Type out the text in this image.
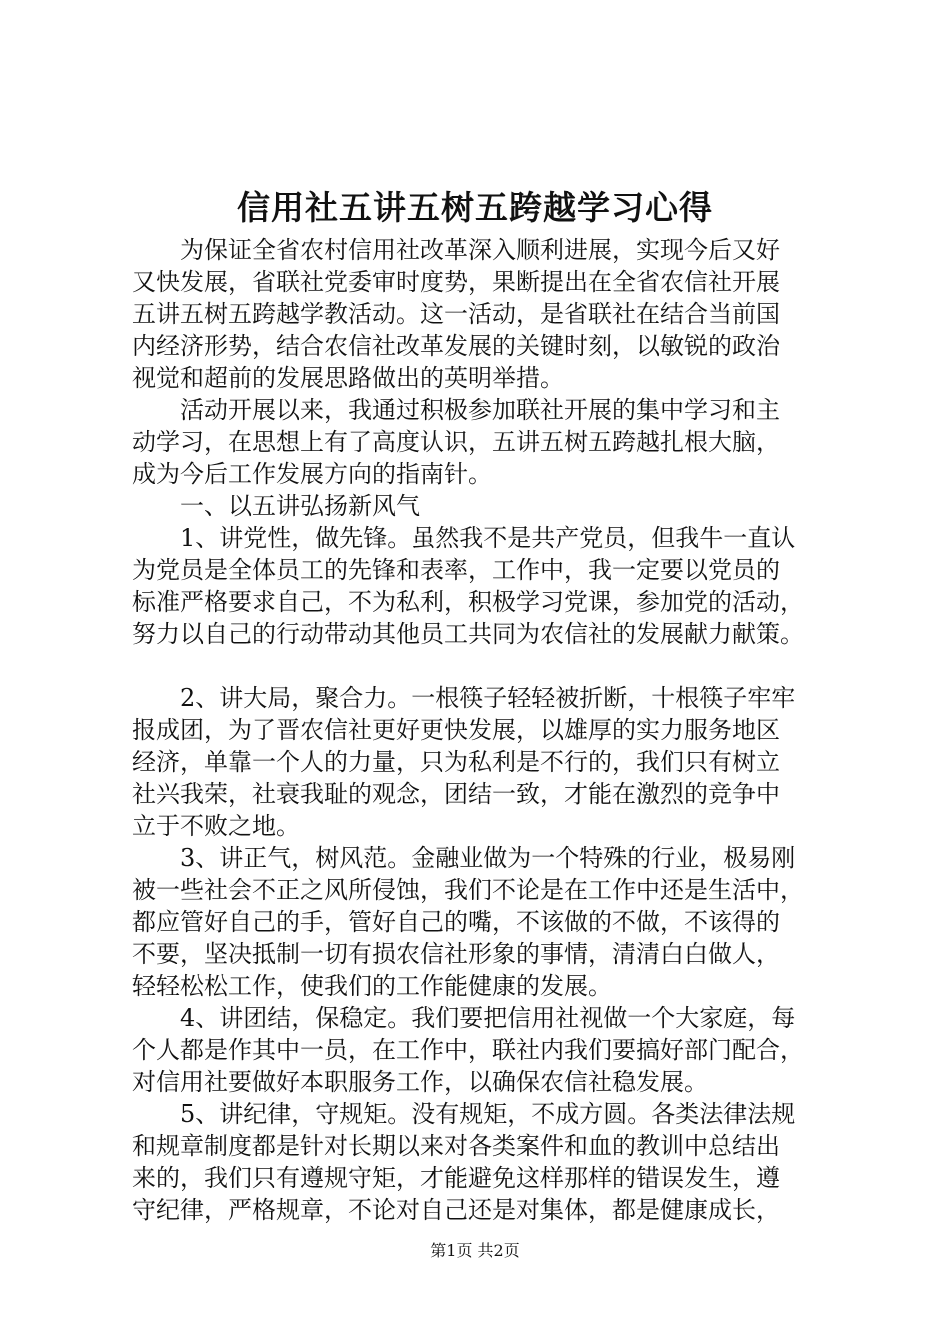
信用社五讲五树五跨越学习心得
　　为保证全省农村信用社改革深入顺利进展，实现今后又好
又快发展，省联社党委审时度势，果断提出在全省农信社开展
五讲五树五跨越学教活动。这一活动，是省联社在结合当前国
内经济形势，结合农信社改革发展的关键时刻，以敏锐的政治
视觉和超前的发展思路做出的英明举措。
　　活动开展以来，我通过积极参加联社开展的集中学习和主
动学习，在思想上有了高度认识，五讲五树五跨越扎根大脑，
成为今后工作发展方向的指南针。
　　一、以五讲弘扬新风气
　　1、讲党性，做先锋。虽然我不是共产党员，但我牛一直认
为党员是全体员工的先锋和表率，工作中，我一定要以党员的
标准严格要求自己，不为私利，积极学习党课，参加党的活动，
努力以自己的行动带动其他员工共同为农信社的发展献力献策。
　　2、讲大局，聚合力。一根筷子轻轻被折断，十根筷子牢牢
报成团，为了晋农信社更好更快发展，以雄厚的实力服务地区
经济，单靠一个人的力量，只为私利是不行的，我们只有树立
社兴我荣，社衰我耻的观念，团结一致，才能在激烈的竞争中
立于不败之地。
　　3、讲正气，树风范。金融业做为一个特殊的行业，极易刚
被一些社会不正之风所侵蚀，我们不论是在工作中还是生活中，
都应管好自己的手，管好自己的嘴，不该做的不做，不该得的
不要，坚决抵制一切有损农信社形象的事情，清清白白做人，
轻轻松松工作，使我们的工作能健康的发展。
　　4、讲团结，保稳定。我们要把信用社视做一个大家庭，每
个人都是作其中一员，在工作中，联社内我们要搞好部门配合，
对信用社要做好本职服务工作，以确保农信社稳发展。
　　5、讲纪律，守规矩。没有规矩，不成方圆。各类法律法规
和规章制度都是针对长期以来对各类案件和血的教训中总结出
来的，我们只有遵规守矩，才能避免这样那样的错误发生，遵
守纪律，严格规章，不论对自己还是对集体，都是健康成长，
第1页 共2页
